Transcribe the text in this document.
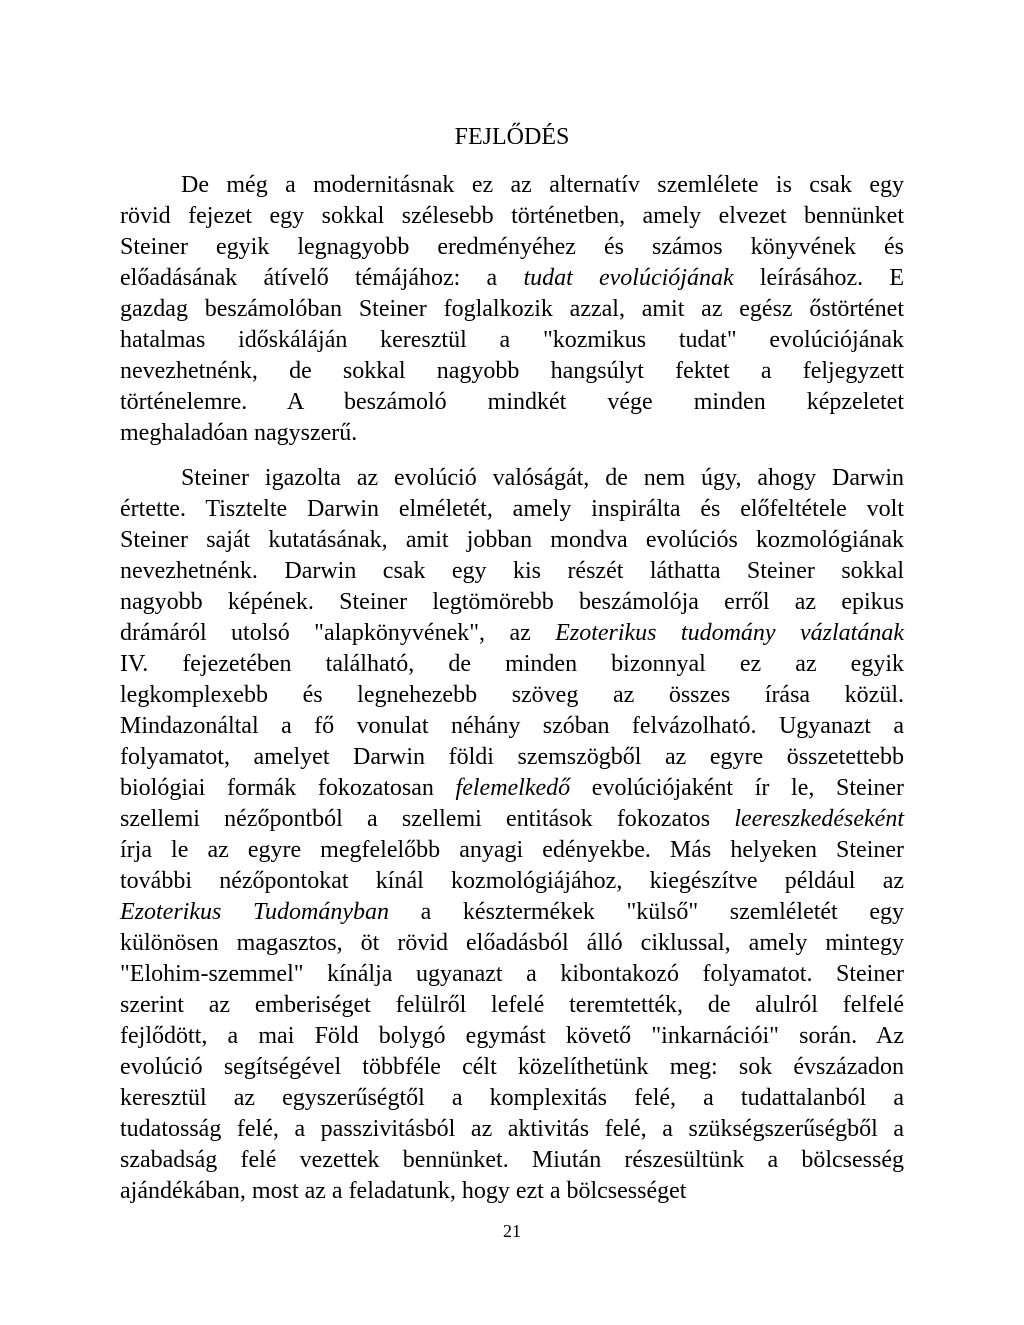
FEJLŐDÉS
De még a modernitásnak ez az alternatív szemlélete is csak egy
rövid fejezet egy sokkal szélesebb történetben, amely elvezet bennünket
Steiner egyik legnagyobb eredményéhez és számos könyvének és
előadásának átívelő témájához: a tudat evolúciójának leírásához. E
gazdag beszámolóban Steiner foglalkozik azzal, amit az egész őstörténet
hatalmas időskáláján keresztül a "kozmikus tudat" evolúciójának
nevezhetnénk, de sokkal nagyobb hangsúlyt fektet a feljegyzett
történelemre. A beszámoló mindkét vége minden képzeletet
meghaladóan nagyszerű.
Steiner igazolta az evolúció valóságát, de nem úgy, ahogy Darwin
értette. Tisztelte Darwin elméletét, amely inspirálta és előfeltétele volt
Steiner saját kutatásának, amit jobban mondva evolúciós kozmológiának
nevezhetnénk. Darwin csak egy kis részét láthatta Steiner sokkal
nagyobb képének. Steiner legtömörebb beszámolója erről az epikus
drámáról utolsó "alapkönyvének", az Ezoterikus tudomány vázlatának
IV. fejezetében található, de minden bizonnyal ez az egyik
legkomplexebb és legnehezebb szöveg az összes írása közül.
Mindazonáltal a fő vonulat néhány szóban felvázolható. Ugyanazt a
folyamatot, amelyet Darwin földi szemszögből az egyre összetettebb
biológiai formák fokozatosan felemelkedő evolúciójaként ír le, Steiner
szellemi nézőpontból a szellemi entitások fokozatos leereszkedéseként
írja le az egyre megfelelőbb anyagi edényekbe. Más helyeken Steiner
további nézőpontokat kínál kozmológiájához, kiegészítve például az
Ezoterikus Tudományban a késztermékek "külső" szemléletét egy
különösen magasztos, öt rövid előadásból álló ciklussal, amely mintegy
"Elohim-szemmel" kínálja ugyanazt a kibontakozó folyamatot. Steiner
szerint az emberiséget felülről lefelé teremtették, de alulról felfelé
fejlődött, a mai Föld bolygó egymást követő "inkarnációi" során. Az
evolúció segítségével többféle célt közelíthetünk meg: sok évszázadon
keresztül az egyszerűségtől a komplexitás felé, a tudattalanból a
tudatosság felé, a passzivitásból az aktivitás felé, a szükségszerűségből a
szabadság felé vezettek bennünket. Miután részesültünk a bölcsesség
ajándékában, most az a feladatunk, hogy ezt a bölcsességet
21
